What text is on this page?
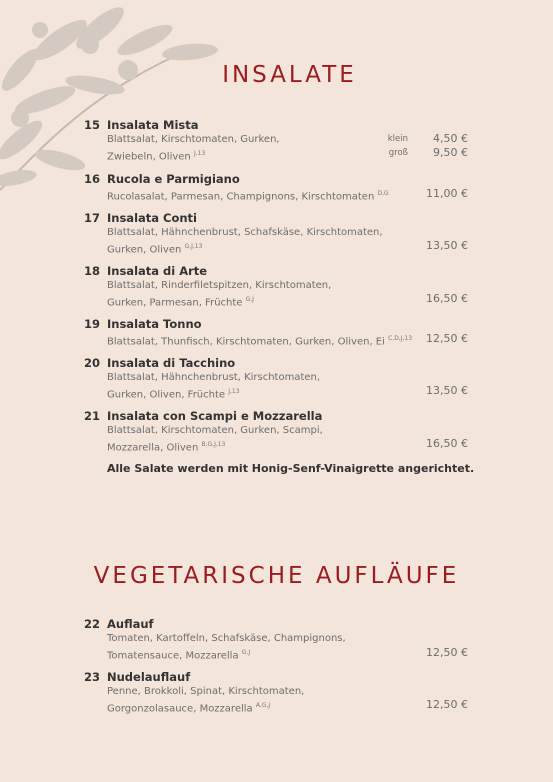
INSALATE
15 Insalata Mista
Blattsalat, Kirschtomaten, Gurken,
Zwiebeln, Oliven $^{J,13}$
klein 4,50 €
groß 9,50 €
16 Rucola e Parmigiano
Rucolasalat, Parmesan, Champignons, Kirschtomaten $^{D,G}$	11,00 €
17 Insalata Conti
Blattsalat, Hähnchenbrust, Schafskäse, Kirschtomaten,
Gurken, Oliven $^{G,J,13}$	13,50 €
18 Insalata di Arte
Blattsalat, Rinderfiletspitzen, Kirschtomaten,
Gurken, Parmesan, Früchte $^{G,J}$	16,50 €
19 Insalata Tonno
Blattsalat, Thunfisch, Kirschtomaten, Gurken, Oliven, Ei $^{C,D,J,13}$	12,50 €
20 Insalata di Tacchino
Blattsalat, Hähnchenbrust, Kirschtomaten,
Gurken, Oliven, Früchte $^{J,13}$	13,50 €
21 Insalata con Scampi e Mozzarella
Blattsalat, Kirschtomaten, Gurken, Scampi,
Mozzarella, Oliven $^{B,G,J,13}$	16,50 €
Alle Salate werden mit Honig-Senf-Vinaigrette angerichtet.
VEGETARISCHE AUFLÄUFE
22 Auflauf
Tomaten, Kartoffeln, Schafskäse, Champignons,
Tomatensauce, Mozzarella $^{G,J}$	12,50 €
23 Nudelauflauf
Penne, Brokkoli, Spinat, Kirschtomaten,
Gorgonzolasauce, Mozzarella $^{A,G,J}$	12,50 €
